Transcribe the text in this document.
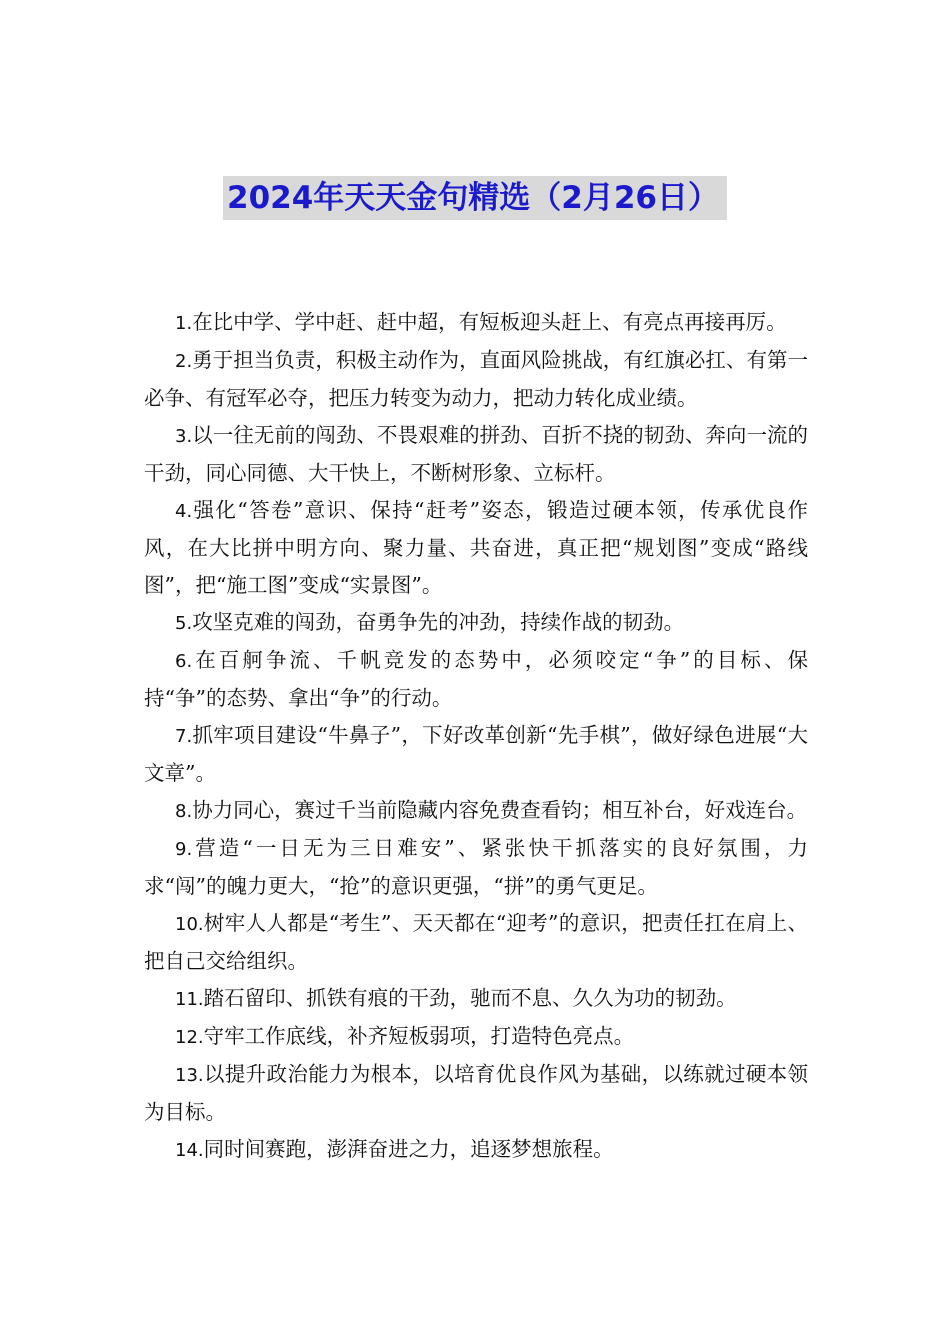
2024年天天金句精选（2月26日）

1.在比中学、学中赶、赶中超，有短板迎头赶上、有亮点再接再厉。

2.勇于担当负责，积极主动作为，直面风险挑战，有红旗必扛、有第一必争、有冠军必夺，把压力转变为动力，把动力转化成业绩。

3.以一往无前的闯劲、不畏艰难的拼劲、百折不挠的韧劲、奔向一流的干劲，同心同德、大干快上，不断树形象、立标杆。

4.强化“答卷”意识、保持“赶考”姿态，锻造过硬本领，传承优良作风，在大比拼中明方向、聚力量、共奋进，真正把“规划图”变成“路线图”，把“施工图”变成“实景图”。

5.攻坚克难的闯劲，奋勇争先的冲劲，持续作战的韧劲。

6.在百舸争流、千帆竞发的态势中，必须咬定“争”的目标、保持“争”的态势、拿出“争”的行动。

7.抓牢项目建设“牛鼻子”，下好改革创新“先手棋”，做好绿色进展“大文章”。

8.协力同心，赛过千当前隐藏内容免费查看钧；相互补台，好戏连台。

9.营造“一日无为三日难安”、紧张快干抓落实的良好氛围，力求“闯”的魄力更大，“抢”的意识更强，“拼”的勇气更足。

10.树牢人人都是“考生”、天天都在“迎考”的意识，把责任扛在肩上、把自己交给组织。

11.踏石留印、抓铁有痕的干劲，驰而不息、久久为功的韧劲。

12.守牢工作底线，补齐短板弱项，打造特色亮点。

13.以提升政治能力为根本，以培育优良作风为基础，以练就过硬本领为目标。

14.同时间赛跑，澎湃奋进之力，追逐梦想旅程。
